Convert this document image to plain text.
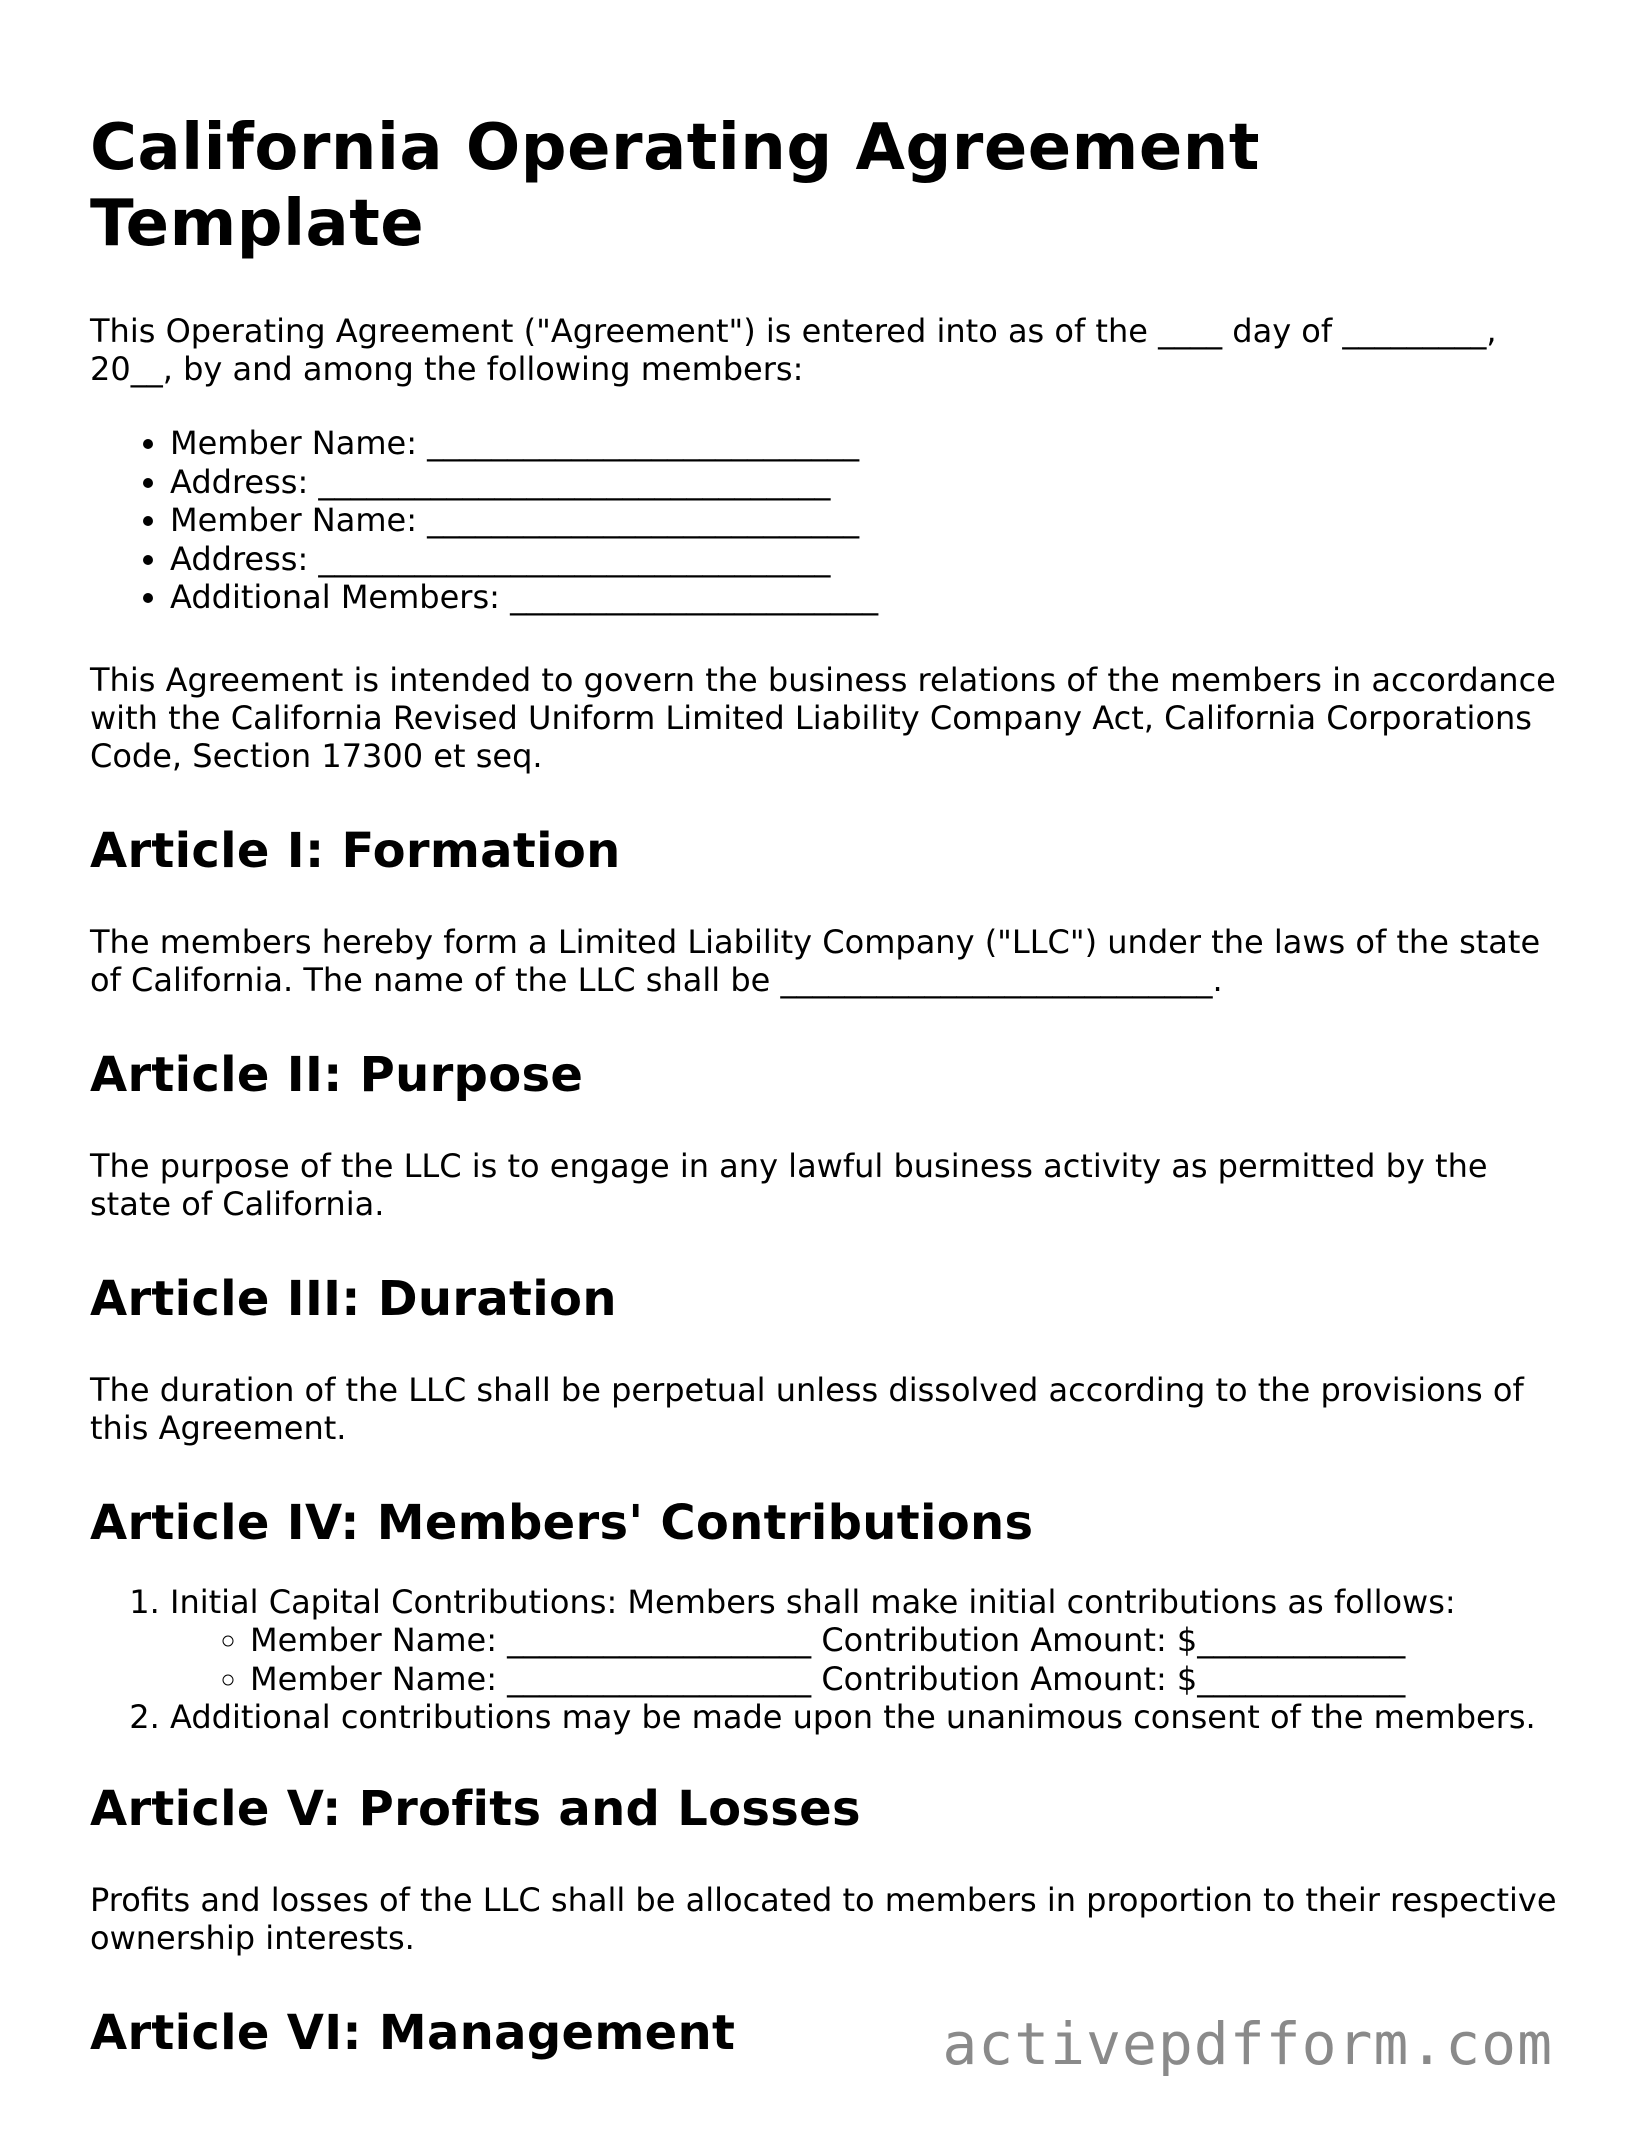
California Operating Agreement Template

This Operating Agreement ("Agreement") is entered into as of the ____ day of _________, 20__, by and among the following members:

• Member Name: ___________________________
• Address: ________________________________
• Member Name: ___________________________
• Address: ________________________________
• Additional Members: _______________________

This Agreement is intended to govern the business relations of the members in accordance with the California Revised Uniform Limited Liability Company Act, California Corporations Code, Section 17300 et seq.

Article I: Formation

The members hereby form a Limited Liability Company ("LLC") under the laws of the state of California. The name of the LLC shall be ___________________________.

Article II: Purpose

The purpose of the LLC is to engage in any lawful business activity as permitted by the state of California.

Article III: Duration

The duration of the LLC shall be perpetual unless dissolved according to the provisions of this Agreement.

Article IV: Members' Contributions
1. Initial Capital Contributions: Members shall make initial contributions as follows:
◦ Member Name: ___________________ Contribution Amount: $_____________
◦ Member Name: ___________________ Contribution Amount: $_____________
2. Additional contributions may be made upon the unanimous consent of the members.
Article V: Profits and Losses

Profits and losses of the LLC shall be allocated to members in proportion to their respective ownership interests.

Article VI: Management	activepdfform.com
